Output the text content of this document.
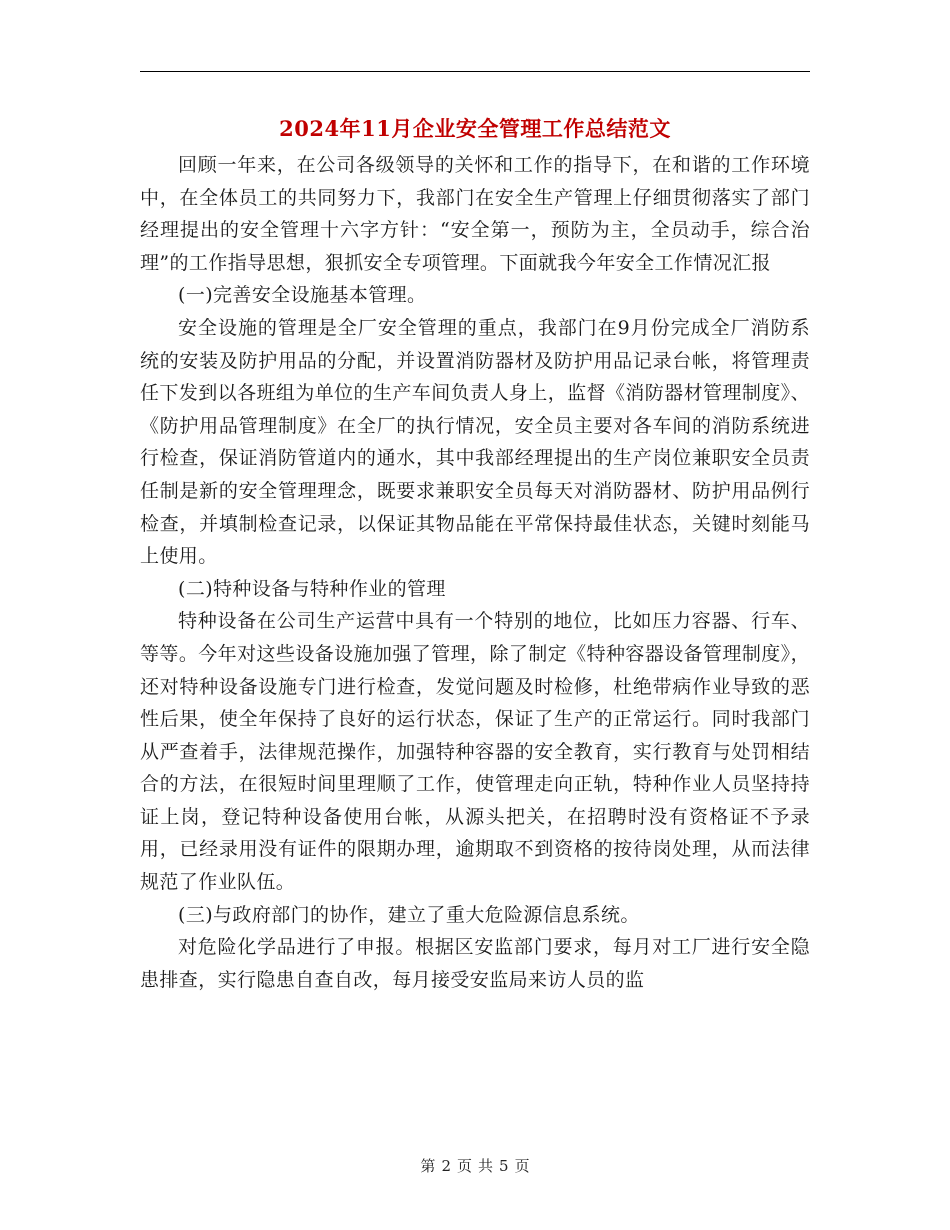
2024年11月企业安全管理工作总结范文

回顾一年来，在公司各级领导的关怀和工作的指导下，在和谐的工作环境中，在全体员工的共同努力下，我部门在安全生产管理上仔细贯彻落实了部门经理提出的安全管理十六字方针：“安全第一，预防为主，全员动手，综合治理”的工作指导思想，狠抓安全专项管理。下面就我今年安全工作情况汇报

(一)完善安全设施基本管理。

安全设施的管理是全厂安全管理的重点，我部门在9月份完成全厂消防系统的安装及防护用品的分配，并设置消防器材及防护用品记录台帐，将管理责任下发到以各班组为单位的生产车间负责人身上，监督《消防器材管理制度》、《防护用品管理制度》在全厂的执行情况，安全员主要对各车间的消防系统进行检查，保证消防管道内的通水，其中我部经理提出的生产岗位兼职安全员责任制是新的安全管理理念，既要求兼职安全员每天对消防器材、防护用品例行检查，并填制检查记录，以保证其物品能在平常保持最佳状态，关键时刻能马上使用。

(二)特种设备与特种作业的管理

特种设备在公司生产运营中具有一个特别的地位，比如压力容器、行车、等等。今年对这些设备设施加强了管理，除了制定《特种容器设备管理制度》，还对特种设备设施专门进行检查，发觉问题及时检修，杜绝带病作业导致的恶性后果，使全年保持了良好的运行状态，保证了生产的正常运行。同时我部门从严查着手，法律规范操作，加强特种容器的安全教育，实行教育与处罚相结合的方法，在很短时间里理顺了工作，使管理走向正轨，特种作业人员坚持持证上岗，登记特种设备使用台帐，从源头把关，在招聘时没有资格证不予录用，已经录用没有证件的限期办理，逾期取不到资格的按待岗处理，从而法律规范了作业队伍。

(三)与政府部门的协作，建立了重大危险源信息系统。

对危险化学品进行了申报。根据区安监部门要求，每月对工厂进行安全隐患排查，实行隐患自查自改，每月接受安监局来访人员的监

第 2 页 共 5 页
